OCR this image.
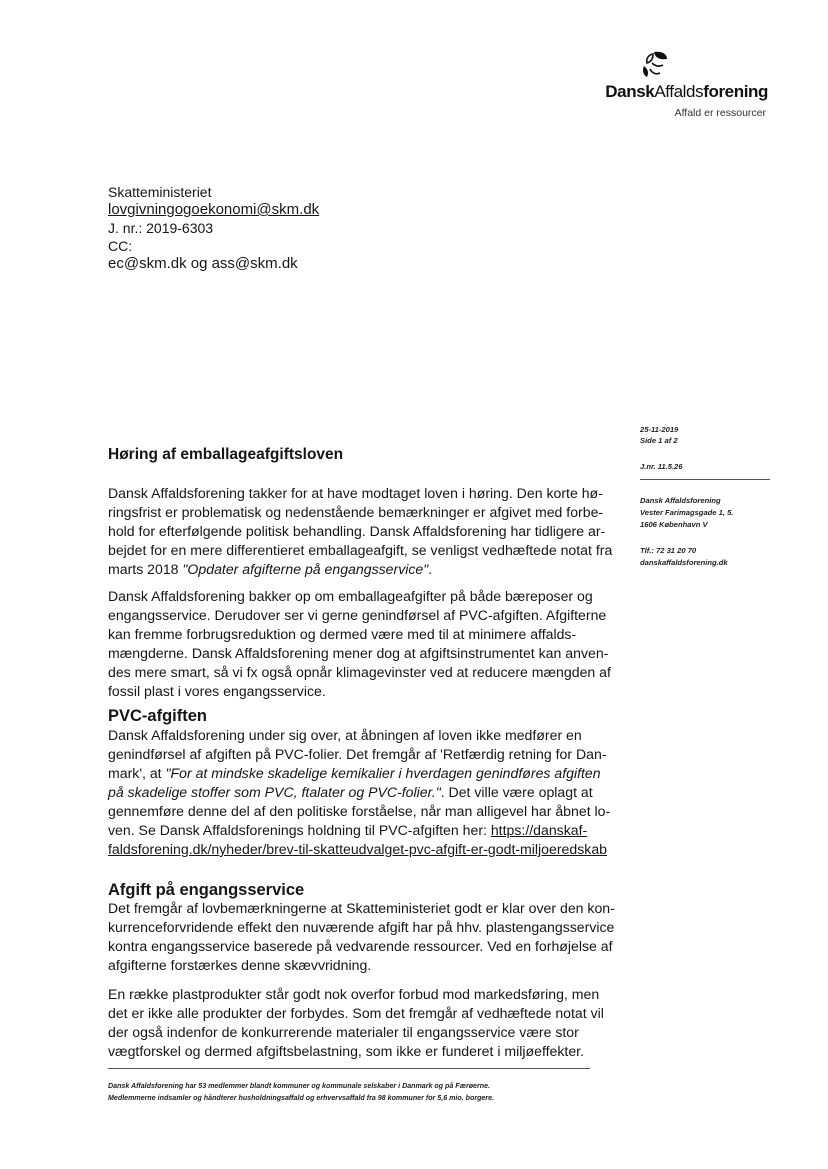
DanskAffaldsforening
Affald er ressourcer
Skatteministeriet
lovgivningogoekonomi@skm.dk
J. nr.: 2019-6303
CC:
ec@skm.dk og ass@skm.dk
25-11-2019
Side 1 af 2
J.nr. 11.5.26
Dansk Affaldsforening
Vester Farimagsgade 1, 5.
1606 København V
Tlf.: 72 31 20 70
danskaffaldsforening.dk
Høring af emballageafgiftsloven
Dansk Affaldsforening takker for at have modtaget loven i høring. Den korte hø-
ringsfrist er problematisk og nedenstående bemærkninger er afgivet med forbe-
hold for efterfølgende politisk behandling. Dansk Affaldsforening har tidligere ar-
bejdet for en mere differentieret emballageafgift, se venligst vedhæftede notat fra
marts 2018 "Opdater afgifterne på engangsservice".
Dansk Affaldsforening bakker op om emballageafgifter på både bæreposer og
engangsservice. Derudover ser vi gerne genindførsel af PVC-afgiften. Afgifterne
kan fremme forbrugsreduktion og dermed være med til at minimere affalds-
mængderne. Dansk Affaldsforening mener dog at afgiftsinstrumentet kan anven-
des mere smart, så vi fx også opnår klimagevinster ved at reducere mængden af
fossil plast i vores engangsservice.
PVC-afgiften
Dansk Affaldsforening under sig over, at åbningen af loven ikke medfører en
genindførsel af afgiften på PVC-folier. Det fremgår af 'Retfærdig retning for Dan-
mark', at "For at mindske skadelige kemikalier i hverdagen genindføres afgiften
på skadelige stoffer som PVC, ftalater og PVC-folier.". Det ville være oplagt at
gennemføre denne del af den politiske forståelse, når man alligevel har åbnet lo-
ven. Se Dansk Affaldsforenings holdning til PVC-afgiften her: https://danskaf-
faldsforening.dk/nyheder/brev-til-skatteudvalget-pvc-afgift-er-godt-miljoeredskab
Afgift på engangsservice
Det fremgår af lovbemærkningerne at Skatteministeriet godt er klar over den kon-
kurrenceforvridende effekt den nuværende afgift har på hhv. plastengangsservice
kontra engangsservice baserede på vedvarende ressourcer. Ved en forhøjelse af
afgifterne forstærkes denne skævvridning.
En række plastprodukter står godt nok overfor forbud mod markedsføring, men
det er ikke alle produkter der forbydes. Som det fremgår af vedhæftede notat vil
der også indenfor de konkurrerende materialer til engangsservice være stor
vægtforskel og dermed afgiftsbelastning, som ikke er funderet i miljøeffekter.
Dansk Affaldsforening har 53 medlemmer blandt kommuner og kommunale selskaber i Danmark og på Færøerne.
Medlemmerne indsamler og håndterer husholdningsaffald og erhvervsaffald fra 98 kommuner for 5,6 mio. borgere.
